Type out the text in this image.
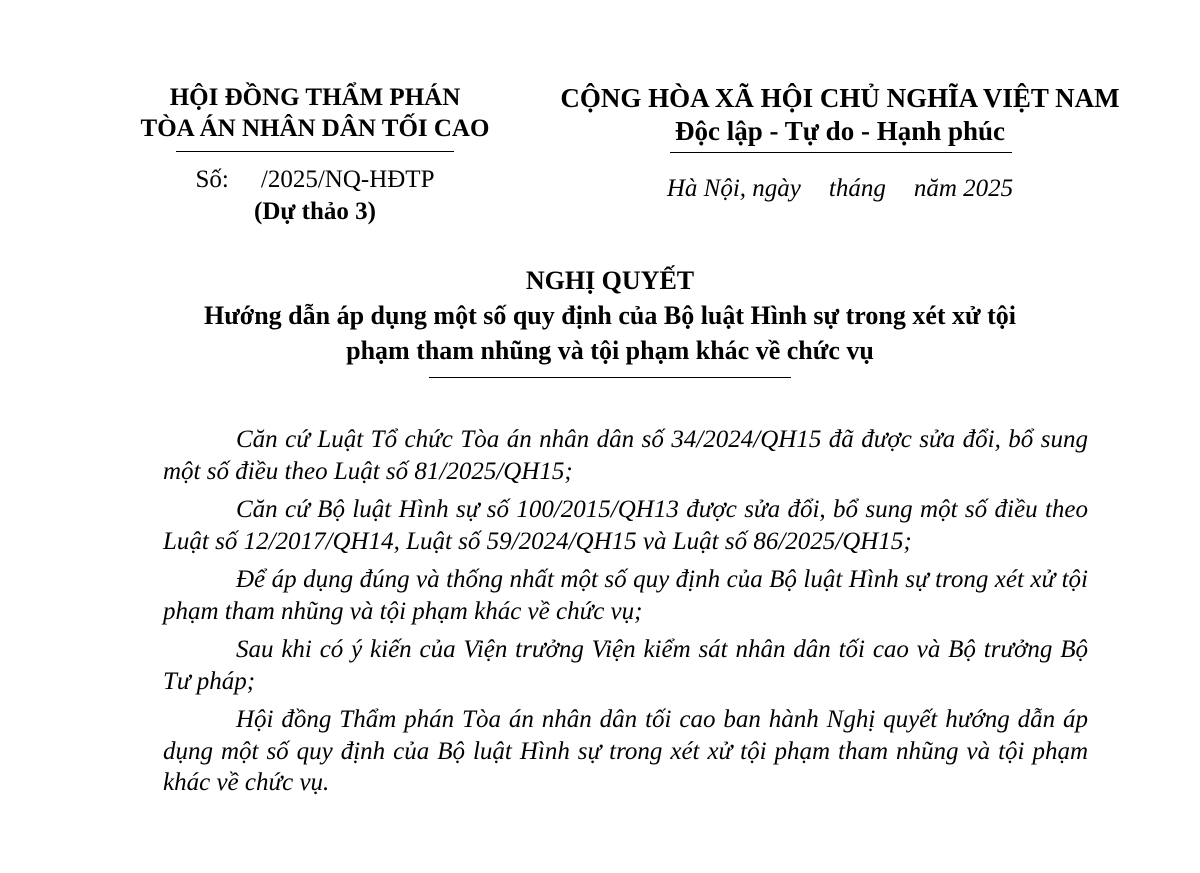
HỘI ĐỒNG THẨM PHÁN
TÒA ÁN NHÂN DÂN TỐI CAO
Số: /2025/NQ-HĐTP
(Dự thảo 3)
CỘNG HÒA XÃ HỘI CHỦ NGHĨA VIỆT NAM
Độc lập - Tự do - Hạnh phúc
Hà Nội, ngày tháng năm 2025
NGHỊ QUYẾT
Hướng dẫn áp dụng một số quy định của Bộ luật Hình sự trong xét xử tội
phạm tham nhũng và tội phạm khác về chức vụ

Căn cứ Luật Tổ chức Tòa án nhân dân số 34/2024/QH15 đã được sửa đổi, bổ sung một số điều theo Luật số 81/2025/QH15;

Căn cứ Bộ luật Hình sự số 100/2015/QH13 được sửa đổi, bổ sung một số điều theo Luật số 12/2017/QH14, Luật số 59/2024/QH15 và Luật số 86/2025/QH15;

Để áp dụng đúng và thống nhất một số quy định của Bộ luật Hình sự trong xét xử tội phạm tham nhũng và tội phạm khác về chức vụ;

Sau khi có ý kiến của Viện trưởng Viện kiểm sát nhân dân tối cao và Bộ trưởng Bộ Tư pháp;

Hội đồng Thẩm phán Tòa án nhân dân tối cao ban hành Nghị quyết hướng dẫn áp dụng một số quy định của Bộ luật Hình sự trong xét xử tội phạm tham nhũng và tội phạm khác về chức vụ.
